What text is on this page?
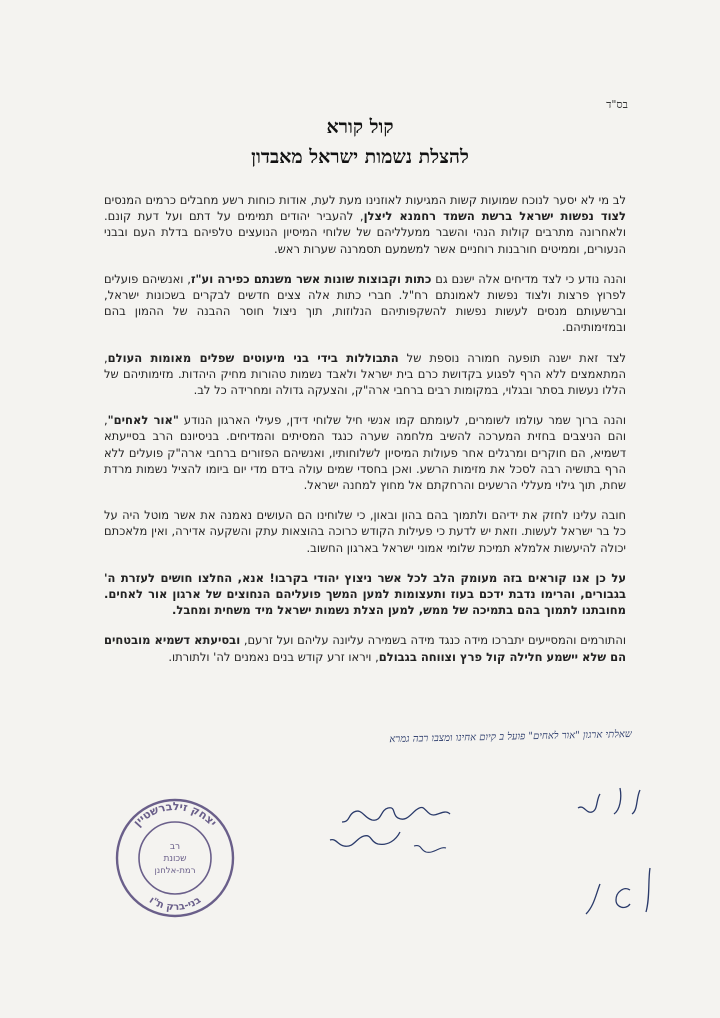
בס"ד
קול קורא
להצלת נשמות ישראל מאבדון

לב מי לא יסער לנוכח שמועות קשות המגיעות לאוזנינו מעת לעת, אודות כוחות רשע מחבלים כרמים המנסים לצוד נפשות ישראל ברשת השמד רחמנא ליצלן, להעביר יהודים תמימים על דתם ועל דעת קונם. ולאחרונה מתרבים קולות הנהי והשבר ממעלליהם של שלוחי המיסיון הנועצים טלפיהם בדלת העם ובבני הנעורים, וממיטים חורבנות רוחניים אשר למשמעם תסמרנה שערות ראש.

והנה נודע כי לצד מדיחים אלה ישנם גם כתות וקבוצות שונות אשר משנתם כפירה וע"ז, ואנשיהם פועלים לפרוץ פרצות ולצוד נפשות לאמונתם רח"ל. חברי כתות אלה צצים חדשים לבקרים בשכונות ישראל, וברשעותם מנסים לעשות נפשות להשקפותיהם הנלוזות, תוך ניצול חוסר ההבנה של ההמון בהם ובמזימותיהם.

לצד זאת ישנה תופעה חמורה נוספת של התבוללות בידי בני מיעוטים שפלים מאומות העולם, המתאמצים ללא הרף לפגוע בקדושת כרם בית ישראל ולאבד נשמות טהורות מחיק היהדות. מזימותיהם של הללו נעשות בסתר ובגלוי, במקומות רבים ברחבי ארה"ק, והצעקה גדולה ומחרידה כל לב.

והנה ברוך שמר עולמו לשומרים, לעומתם קמו אנשי חיל שלוחי דידן, פעילי הארגון הנודע "אור לאחים", והם הניצבים בחזית המערכה להשיב מלחמה שערה כנגד המסיתים והמדיחים. בניסיונם הרב בסייעתא דשמיא, הם חוקרים ומרגלים אחר פעולות המיסיון לשלוחותיו, ואנשיהם הפזורים ברחבי ארה"ק פועלים ללא הרף בתושיה רבה לסכל את מזימות הרשע. ואכן בחסדי שמים עולה בידם מדי יום ביומו להציל נשמות מרדת שחת, תוך גילוי מעללי הרשעים והרחקתם אל מחוץ למחנה ישראל.

חובה עלינו לחזק את ידיהם ולתמוך בהם בהון ובאון, כי שלוחינו הם העושים נאמנה את אשר מוטל היה על כל בר ישראל לעשות. וזאת יש לדעת כי פעילות הקודש כרוכה בהוצאות עתק והשקעה אדירה, ואין מלאכתם יכולה להיעשות אלמלא תמיכת שלומי אמוני ישראל בארגון החשוב.

על כן אנו קוראים בזה מעומק הלב לכל אשר ניצוץ יהודי בקרבו! אנא, החלצו חושים לעזרת ה' בגבורים, והרימו נדבת ידכם בעוז ותעצומות למען המשך פועליהם הנחוצים של ארגון אור לאחים. מחובתנו לתמוך בהם בתמיכה של ממש, למען הצלת נשמות ישראל מיד משחית ומחבל.

והתורמים והמסייעים יתברכו מידה כנגד מידה בשמירה עליונה עליהם ועל זרעם, ובסיעתא דשמיא מובטחים הם שלא יישמע חלילה קול פרץ וצווחה בגבולם, ויראו זרע קודש בנים נאמנים לה' ולתורתו.

שאלתי ארגון "אור לאחים" פועל ב קיום אחינו ומצבו רבה גמרא
יצחק זילברשטיין
בני-ברק ת"ו
רב
שכונת
רמת-אלחנן
